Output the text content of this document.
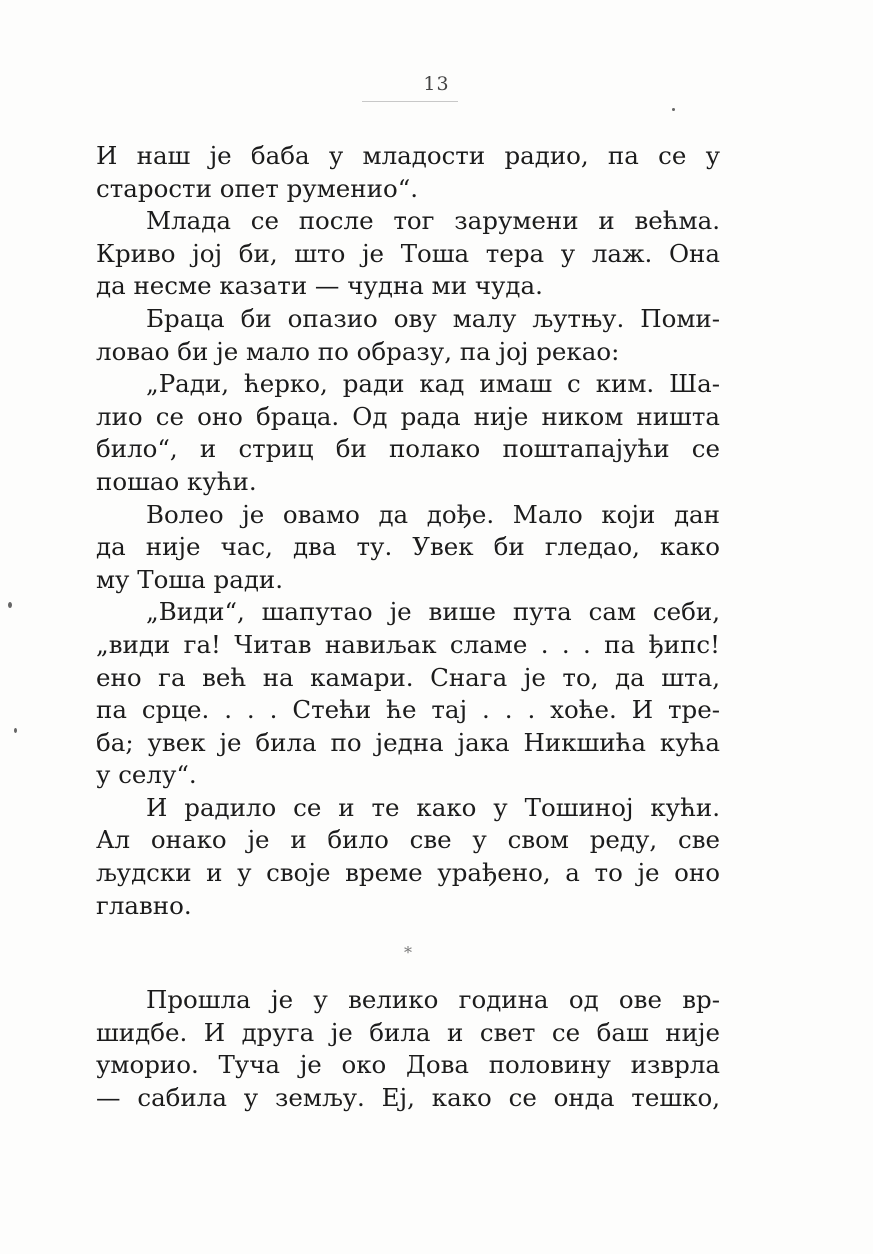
13
И наш је баба у младости радио, па се у
старости опет руменио“.
Млада се после тог зарумени и већма.
Криво јој би, што је Тоша тера у лаж. Она
да несме казати — чудна ми чуда.
Браца би опазио ову малу љутњу. Поми-
ловао би је мало по образу, па јој рекао:
„Ради, ћерко, ради кад имаш с ким. Ша-
лио се оно браца. Од рада није ником ништа
било“, и стриц би полако поштапајући се
пошао кући.
Волео је овамо да дође. Мало који дан
да није час, два ту. Увек би гледао, како
му Тоша ради.
„Види“, шапутао је више пута сам себи,
„види га! Читав навиљак сламе . . . па ђипс!
ено га већ на камари. Снага је то, да шта,
па срце. . . . Стећи ће тај . . . хоће. И тре-
ба; увек је била по једна јака Никшића кућа
у селу“.
И радило се и те како у Тошиној кући.
Ал онако је и било све у свом реду, све
људски и у своје време урађено, а то је оно
главно.
*
Прошла је у велико година од ове вр-
шидбе. И друга је била и свет се баш није
уморио. Туча је око Дова половину изврла
— сабила у земљу. Еј, како се онда тешко,
